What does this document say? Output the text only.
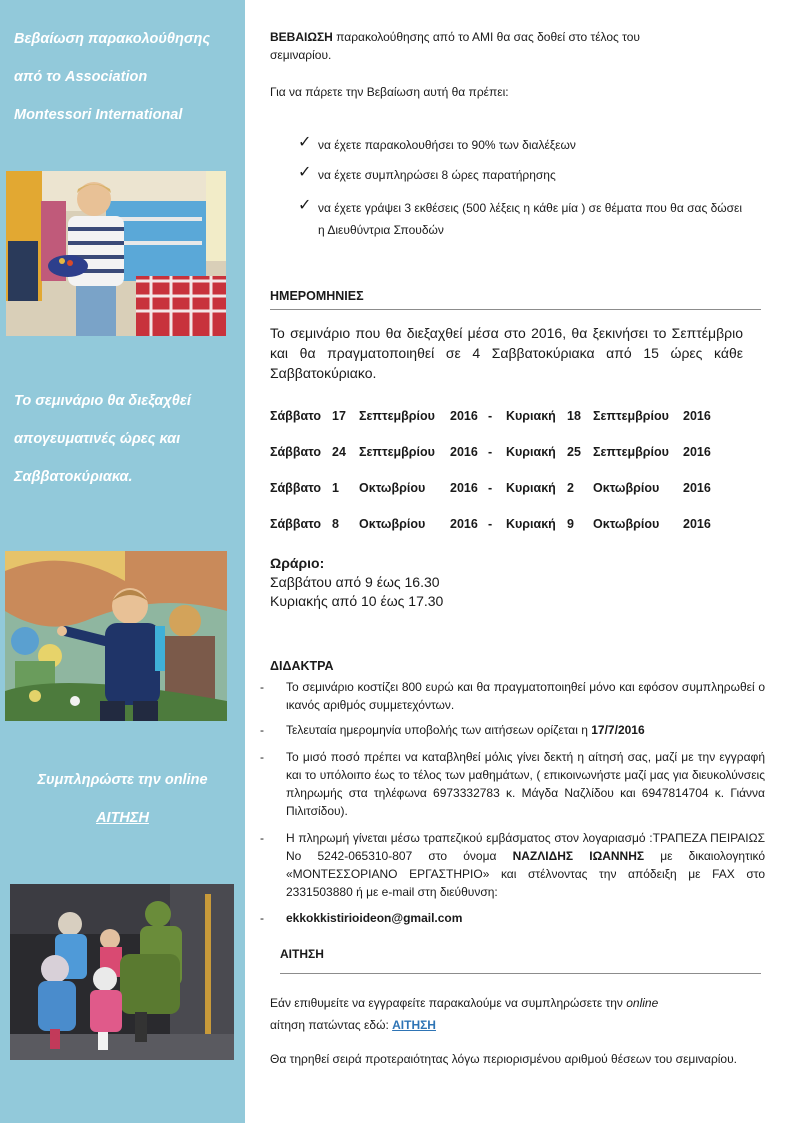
Βεβαίωση παρακολούθησης
από το Association
Montessori International
Το σεμινάριο θα διεξαχθεί
απογευματινές ώρες και
Σαββατοκύριακα.
Συμπληρώστε την online
ΑΙΤΗΣΗ
ΒΕΒΑΙΩΣΗ παρακολούθησης από το ΑΜΙ θα σας δοθεί στο τέλος του
σεμιναρίου.
Για να πάρετε την Βεβαίωση αυτή θα πρέπει:
✓ να έχετε παρακολουθήσει το 90% των διαλέξεων
✓ να έχετε συμπληρώσει 8 ώρες παρατήρησης
✓ να έχετε γράψει 3 εκθέσεις (500 λέξεις η κάθε μία ) σε θέματα που θα σας δώσει η Διευθύντρια Σπουδών
ΗΜΕΡΟΜΗΝΙΕΣ
Το σεμινάριο που θα διεξαχθεί μέσα στο 2016, θα ξεκινήσει το Σεπτέμβριο και θα πραγματοποιηθεί σε 4 Σαββατοκύριακα από 15 ώρες κάθε Σαββατοκύριακο.
Σάββατο 17 Σεπτεμβρίου 2016 - Κυριακή 18 Σεπτεμβρίου 2016
Σάββατο 24 Σεπτεμβρίου 2016 - Κυριακή 25 Σεπτεμβρίου 2016
Σάββατο 1 Οκτωβρίου 2016 - Κυριακή 2 Οκτωβρίου 2016
Σάββατο 8 Οκτωβρίου 2016 - Κυριακή 9 Οκτωβρίου 2016
Ωράριο:
Σαββάτου από 9 έως 16.30
Κυριακής από 10 έως 17.30
ΔΙΔΑΚΤΡΑ
-	Το σεμινάριο κοστίζει 800 ευρώ και θα πραγματοποιηθεί μόνο και εφόσον συμπληρωθεί ο ικανός αριθμός συμμετεχόντων.
-	Τελευταία ημερομηνία υποβολής των αιτήσεων ορίζεται η 17/7/2016
-	Το μισό ποσό πρέπει να καταβληθεί μόλις γίνει δεκτή η αίτησή σας, μαζί με την εγγραφή και το υπόλοιπο έως το τέλος των μαθημάτων, ( επικοινωνήστε μαζί μας για διευκολύνσεις πληρωμής στα τηλέφωνα 6973332783 κ. Μάγδα Ναζλίδου και 6947814704 κ. Γιάννα Πιλιτσίδου).
-	Η πληρωμή γίνεται μέσω τραπεζικού εμβάσματος στον λογαριασμό :ΤΡΑΠΕΖΑ ΠΕΙΡΑΙΩΣ Νο 5242-065310-807 στο όνομα ΝΑΖΛΙΔΗΣ ΙΩΑΝΝΗΣ με δικαιολογητικό «ΜΟΝΤΕΣΣΟΡΙΑΝΟ ΕΡΓΑΣΤΗΡΙΟ» και στέλνοντας την απόδειξη με FAX στο 2331503880 ή με e-mail στη διεύθυνση:
-	ekkokkistirioideon@gmail.com
ΑΙΤΗΣΗ
Εάν επιθυμείτε να εγγραφείτε παρακαλούμε να συμπληρώσετε την online
αίτηση πατώντας εδώ: ΑΙΤΗΣΗ
Θα τηρηθεί σειρά προτεραιότητας λόγω περιορισμένου αριθμού θέσεων του σεμιναρίου.
